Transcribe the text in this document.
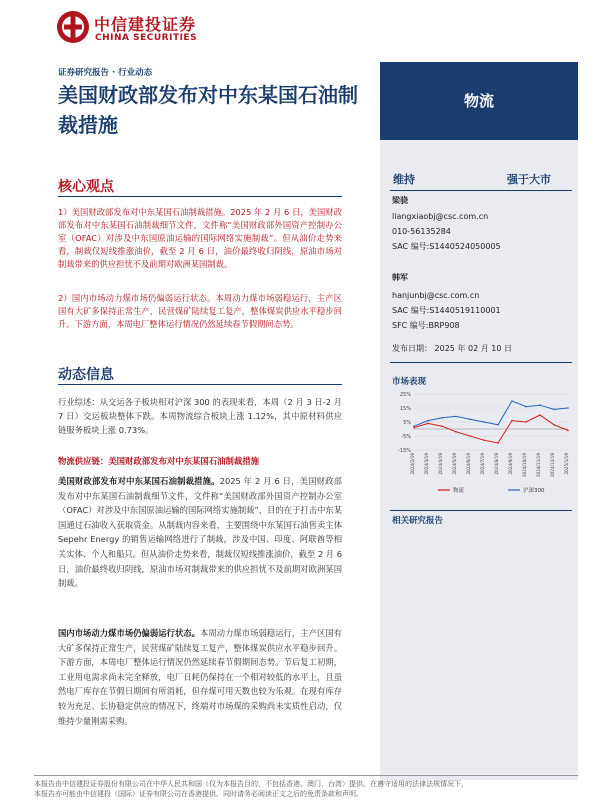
中信建投证券
CHINA SECURITIES
证券研究报告 · 行业动态
美国财政部发布对中东某国石油制裁措施
物流
核心观点
1）美国财政部发布对中东某国石油制裁措施。2025 年 2 月 6 日，美国财政部发布对中东某国石油制裁细节文件，文件称“美国财政部外国资产控制办公室（OFAC）对涉及中东国原油运输的国际网络实施制裁”。但从油价走势来看，制裁仅短线推涨油价，截至 2 月 6 日，油价最终收归阴线，原油市场对制裁带来的供应担忧不及前期对欧洲某国制裁。
2）国内市场动力煤市场仍偏弱运行状态。本周动力煤市场弱稳运行，主产区国有大矿多保持正常生产，民营煤矿陆续复工复产，整体煤炭供应水平稳步回升。下游方面，本周电厂整体运行情况仍然延续春节假期间态势。
动态信息
行业综述：从交运各子板块相对沪深 300 的表现来看，本周（2 月 3 日-2 月 7 日）交运板块整体下跌。本周物流综合板块上涨 1.12%，其中原材料供应链服务板块上涨 0.73%。
物流供应链：美国财政部发布对中东某国石油制裁措施
美国财政部发布对中东某国石油制裁措施。2025 年 2 月 6 日，美国财政部发布对中东某国石油制裁细节文件，文件称“美国财政部外国资产控制办公室（OFAC）对涉及中东国原油运输的国际网络实施制裁”，目的在于打击中东某国通过石油收入获取资金。从制裁内容来看，主要围绕中东某国石油售卖主体 Sepehr Energy 的销售运输网络进行了制裁，涉及中国、印度、阿联酋等相关实体、个人和船只。但从油价走势来看，制裁仅短线推涨油价，截至 2 月 6 日，油价最终收归阴线，原油市场对制裁带来的供应担忧不及前期对欧洲某国制裁。
国内市场动力煤市场仍偏弱运行状态。本周动力煤市场弱稳运行，主产区国有大矿多保持正常生产，民营煤矿陆续复工复产，整体煤炭供应水平稳步回升。下游方面，本周电厂整体运行情况仍然延续春节假期间态势。节后复工初期，工业用电需求尚未完全释放，电厂日耗仍保持在一个相对较低的水平上，且虽然电厂库存在节假日期间有所消耗，但存煤可用天数也较为乐观。在现有库存较为充足、长协稳定供应的情况下，终端对市场煤的采购尚未实质性启动，仅维持少量刚需采购。
维持	强于大市
梁骁
liangxiaobj@csc.com.cn
010-56135284
SAC 编号:S1440524050005
韩军
hanjunbj@csc.com.cn
SAC 编号:S1440519110001
SFC 编号:BRP908
发布日期： 2025 年 02 月 10 日
市场表现
25%
15%
5%
-5%
-15%
2024/2/19 2024/3/19 2024/4/19 2024/5/19 2024/6/19 2024/7/19 2024/8/19 2024/9/19 2024/10/19 2024/11/19 2024/12/19 2025/1/19
物流	沪深300
相关研究报告
本报告由中信建投证券股份有限公司在中华人民共和国（仅为本报告目的，不包括香港、澳门、台湾）提供。在遵守适用的法律法规情况下，
本报告亦可能由中信建投（国际）证券有限公司在香港提供。同时请务必阅读正文之后的免责条款和声明。
